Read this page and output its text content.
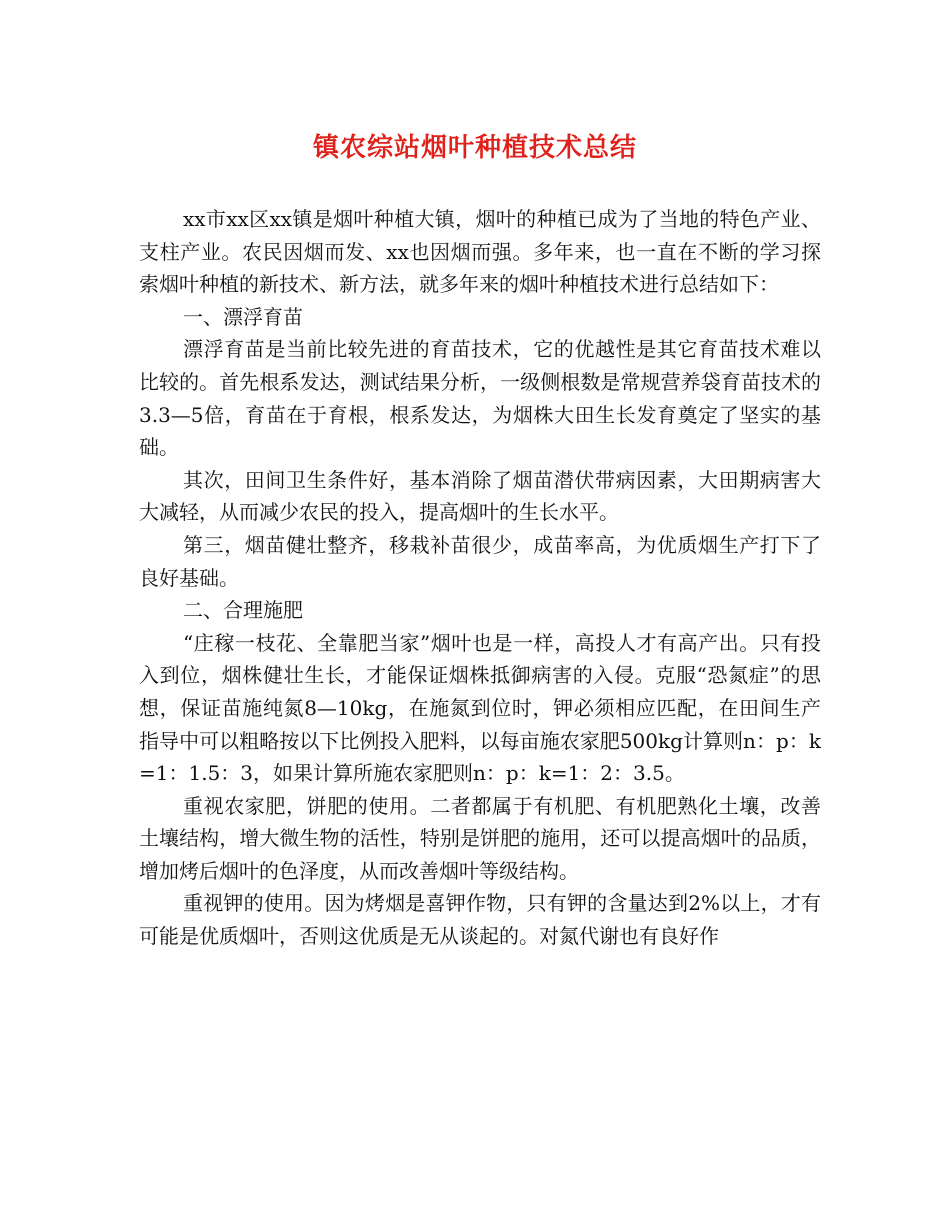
镇农综站烟叶种植技术总结

xx市xx区xx镇是烟叶种植大镇，烟叶的种植已成为了当地的特色产业、支柱产业。农民因烟而发、xx也因烟而强。多年来，也一直在不断的学习探索烟叶种植的新技术、新方法，就多年来的烟叶种植技术进行总结如下：

一、漂浮育苗

漂浮育苗是当前比较先进的育苗技术，它的优越性是其它育苗技术难以比较的。首先根系发达，测试结果分析，一级侧根数是常规营养袋育苗技术的3.3—5倍，育苗在于育根，根系发达，为烟株大田生长发育奠定了坚实的基础。

其次，田间卫生条件好，基本消除了烟苗潜伏带病因素，大田期病害大大减轻，从而减少农民的投入，提高烟叶的生长水平。

第三，烟苗健壮整齐，移栽补苗很少，成苗率高，为优质烟生产打下了良好基础。

二、合理施肥

“庄稼一枝花、全靠肥当家”烟叶也是一样，高投人才有高产出。只有投入到位，烟株健壮生长，才能保证烟株抵御病害的入侵。克服“恐氮症”的思想，保证苗施纯氮8—10kg，在施氮到位时，钾必须相应匹配，在田间生产指导中可以粗略按以下比例投入肥料，以每亩施农家肥500kg计算则n：p：k=1：1.5：3，如果计算所施农家肥则n：p：k=1：2：3.5。

重视农家肥，饼肥的使用。二者都属于有机肥、有机肥熟化土壤，改善土壤结构，增大微生物的活性，特别是饼肥的施用，还可以提高烟叶的品质，增加烤后烟叶的色泽度，从而改善烟叶等级结构。

重视钾的使用。因为烤烟是喜钾作物，只有钾的含量达到2%以上，才有可能是优质烟叶，否则这优质是无从谈起的。对氮代谢也有良好作
